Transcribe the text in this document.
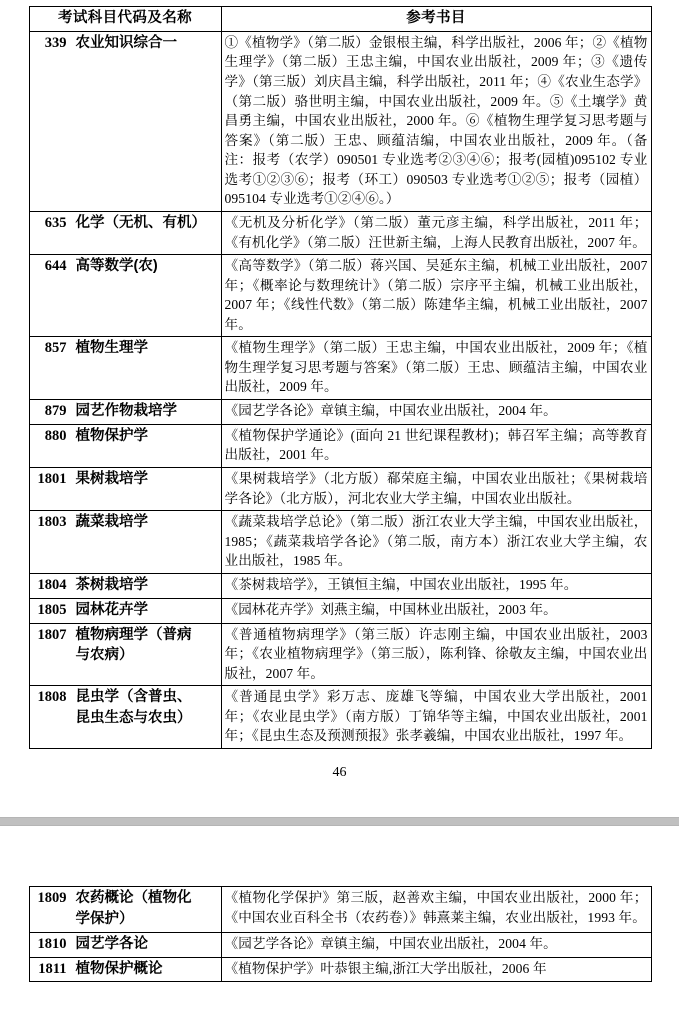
考试科目代码及名称	参考书目
339 农业知识综合一	①《植物学》（第二版）金银根主编，科学出版社，2006 年；②《植物生理学》（第二版）王忠主编，中国农业出版社，2009 年；③《遗传学》（第三版）刘庆昌主编，科学出版社，2011 年；④《农业生态学》（第二版）骆世明主编，中国农业出版社，2009 年。⑤《土壤学》黄昌勇主编，中国农业出版社，2000 年。⑥《植物生理学复习思考题与答案》（第二版）王忠、顾蕴洁编，中国农业出版社，2009 年。（备注：报考（农学）090501 专业选考②③④⑥；报考(园植)095102 专业选考①②③⑥；报考（环工）090503 专业选考①②⑤；报考（园植）095104 专业选考①②④⑥。）
635 化学（无机、有机）	《无机及分析化学》（第二版）董元彦主编，科学出版社，2011 年；《有机化学》（第二版）汪世新主编，上海人民教育出版社，2007 年。
644 高等数学(农)	《高等数学》（第二版）蒋兴国、吴延东主编，机械工业出版社，2007 年；《概率论与数理统计》（第二版）宗序平主编，机械工业出版社，2007 年；《线性代数》（第二版）陈建华主编，机械工业出版社，2007 年。
857 植物生理学	《植物生理学》（第二版）王忠主编，中国农业出版社，2009 年；《植物生理学复习思考题与答案》（第二版）王忠、顾蕴洁主编，中国农业出版社，2009 年。
879 园艺作物栽培学	《园艺学各论》章镇主编，中国农业出版社，2004 年。
880 植物保护学	《植物保护学通论》(面向 21 世纪课程教材)；韩召军主编；高等教育出版社，2001 年。
1801 果树栽培学	《果树栽培学》（北方版）郗荣庭主编，中国农业出版社；《果树栽培学各论》（北方版），河北农业大学主编，中国农业出版社。
1803 蔬菜栽培学	《蔬菜栽培学总论》（第二版）浙江农业大学主编，中国农业出版社，1985；《蔬菜栽培学各论》（第二版，南方本）浙江农业大学主编，农业出版社，1985 年。
1804 茶树栽培学	《茶树栽培学》，王镇恒主编，中国农业出版社，1995 年。
1805 园林花卉学	《园林花卉学》刘燕主编，中国林业出版社，2003 年。
1807 植物病理学（普病
与农病）	《普通植物病理学》（第三版）许志刚主编，中国农业出版社，2003 年；《农业植物病理学》（第三版），陈利锋、徐敬友主编，中国农业出版社，2007 年。
1808 昆虫学（含普虫、
昆虫生态与农虫）	《普通昆虫学》彩万志、庞雄飞等编，中国农业大学出版社，2001 年；《农业昆虫学》（南方版）丁锦华等主编，中国农业出版社，2001 年；《昆虫生态及预测预报》张孝羲编，中国农业出版社，1997 年。
46
1809 农药概论（植物化
学保护）	《植物化学保护》第三版，赵善欢主编，中国农业出版社，2000 年；《中国农业百科全书（农药卷）》韩熹莱主编，农业出版社，1993 年。
1810 园艺学各论	《园艺学各论》章镇主编，中国农业出版社，2004 年。
1811 植物保护概论	《植物保护学》叶恭银主编,浙江大学出版社，2006 年
